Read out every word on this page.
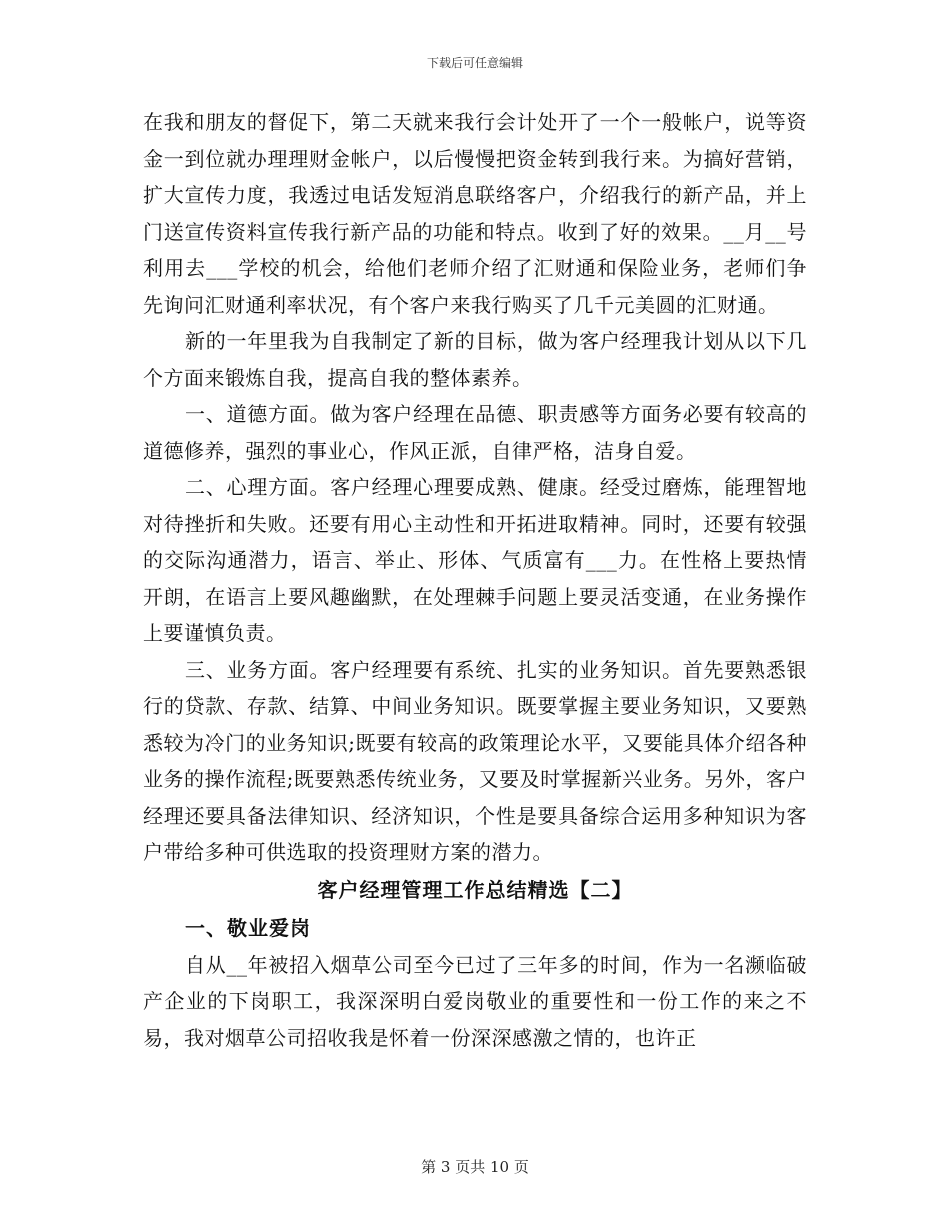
下载后可任意编辑

在我和朋友的督促下，第二天就来我行会计处开了一个一般帐户，说等资金一到位就办理理财金帐户，以后慢慢把资金转到我行来。为搞好营销，扩大宣传力度，我透过电话发短消息联络客户，介绍我行的新产品，并上门送宣传资料宣传我行新产品的功能和特点。收到了好的效果。__月__号利用去___学校的机会，给他们老师介绍了汇财通和保险业务，老师们争先询问汇财通利率状况，有个客户来我行购买了几千元美圆的汇财通。

新的一年里我为自我制定了新的目标，做为客户经理我计划从以下几个方面来锻炼自我，提高自我的整体素养。

一、道德方面。做为客户经理在品德、职责感等方面务必要有较高的道德修养，强烈的事业心，作风正派，自律严格，洁身自爱。

二、心理方面。客户经理心理要成熟、健康。经受过磨炼，能理智地对待挫折和失败。还要有用心主动性和开拓进取精神。同时，还要有较强的交际沟通潜力，语言、举止、形体、气质富有___力。在性格上要热情开朗，在语言上要风趣幽默，在处理棘手问题上要灵活变通，在业务操作上要谨慎负责。

三、业务方面。客户经理要有系统、扎实的业务知识。首先要熟悉银行的贷款、存款、结算、中间业务知识。既要掌握主要业务知识，又要熟悉较为冷门的业务知识;既要有较高的政策理论水平，又要能具体介绍各种业务的操作流程;既要熟悉传统业务，又要及时掌握新兴业务。另外，客户经理还要具备法律知识、经济知识，个性是要具备综合运用多种知识为客户带给多种可供选取的投资理财方案的潜力。

客户经理管理工作总结精选【二】
一、敬业爱岗

自从__年被招入烟草公司至今已过了三年多的时间，作为一名濒临破产企业的下岗职工，我深深明白爱岗敬业的重要性和一份工作的来之不易，我对烟草公司招收我是怀着一份深深感激之情的，也许正

第 3 页共 10 页
